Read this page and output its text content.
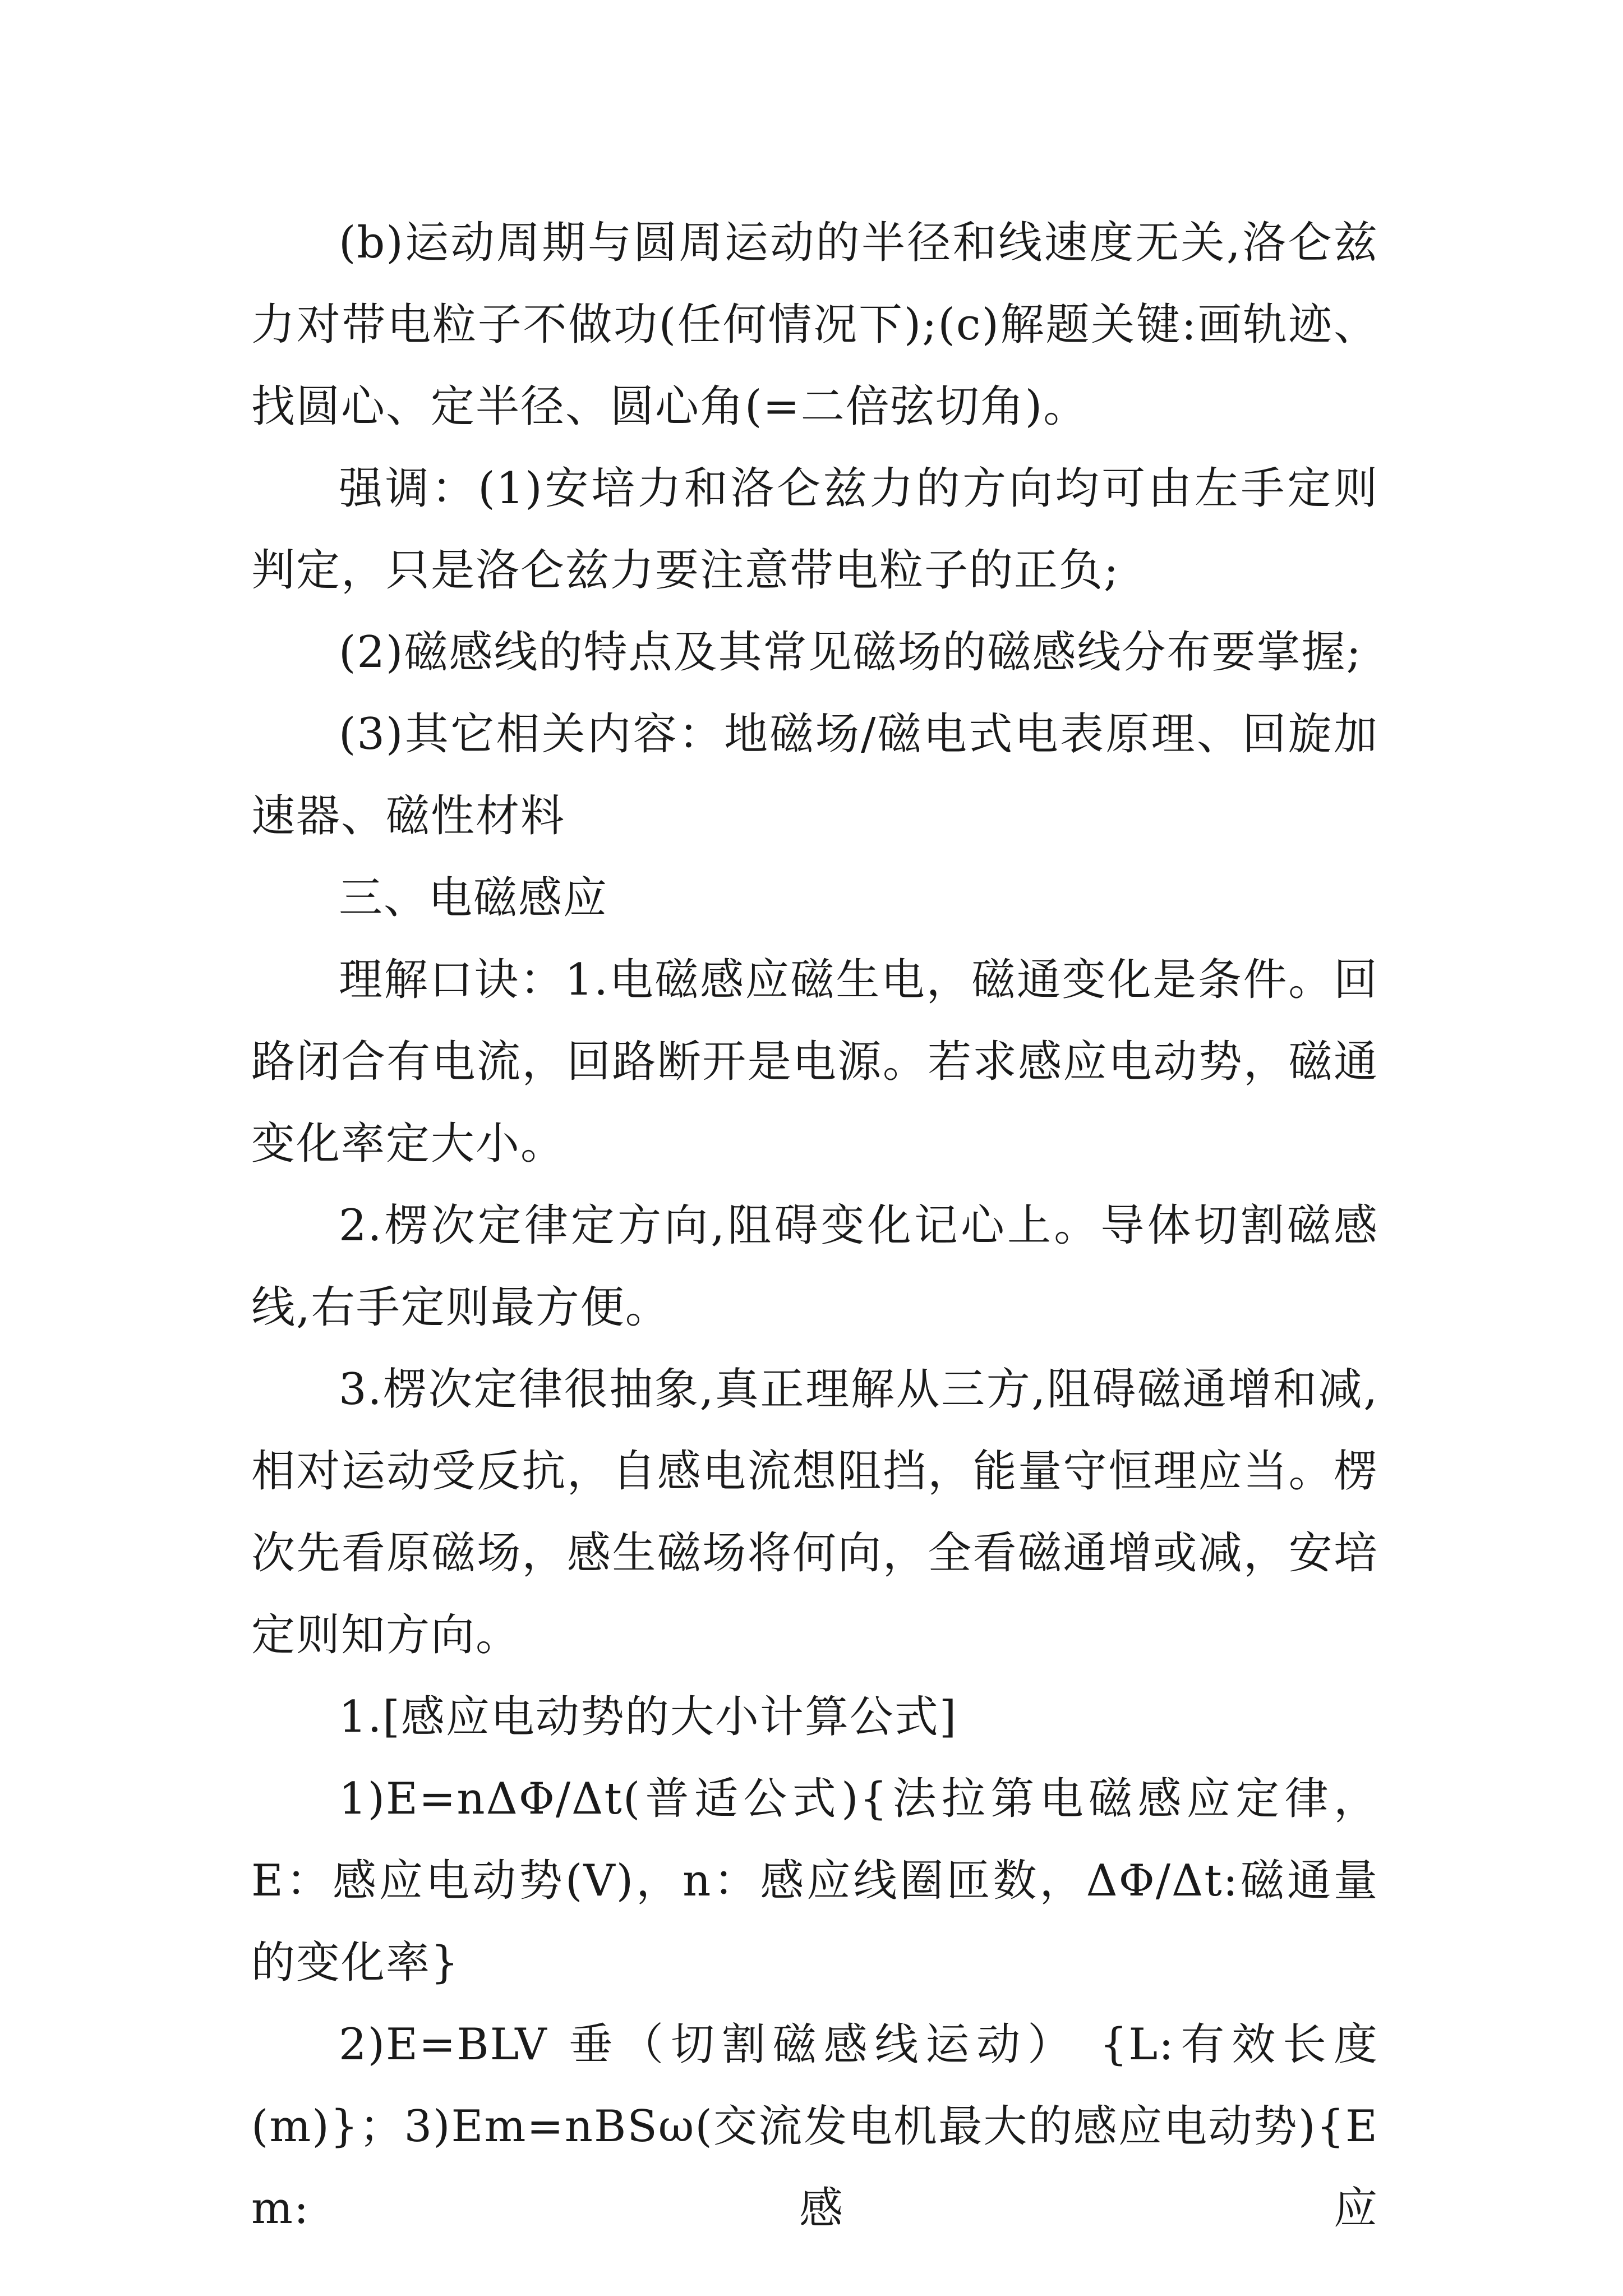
(b)运动周期与圆周运动的半径和线速度无关,洛仑兹力对带电粒子不做功(任何情况下);(c)解题关键:画轨迹、找圆心、定半径、圆心角(=二倍弦切角)。

强调：(1)安培力和洛仑兹力的方向均可由左手定则判定，只是洛仑兹力要注意带电粒子的正负;

(2)磁感线的特点及其常见磁场的磁感线分布要掌握;

(3)其它相关内容：地磁场/磁电式电表原理、回旋加速器、磁性材料

三、电磁感应

理解口诀：1.电磁感应磁生电，磁通变化是条件。回路闭合有电流，回路断开是电源。若求感应电动势，磁通变化率定大小。

2.楞次定律定方向,阻碍变化记心上。导体切割磁感线,右手定则最方便。

3.楞次定律很抽象,真正理解从三方,阻碍磁通增和减,相对运动受反抗，自感电流想阻挡，能量守恒理应当。楞次先看原磁场，感生磁场将何向，全看磁通增或减，安培定则知方向。

1.[感应电动势的大小计算公式]

1)E=nΔΦ/Δt(普适公式){法拉第电磁感应定律，E：感应电动势(V)，n：感应线圈匝数，ΔΦ/Δt:磁通量的变化率}

2)E=BLV 垂（切割磁感线运动） {L:有效长度(m)}；3)Em=nBSω(交流发电机最大的感应电动势){Em:感应
